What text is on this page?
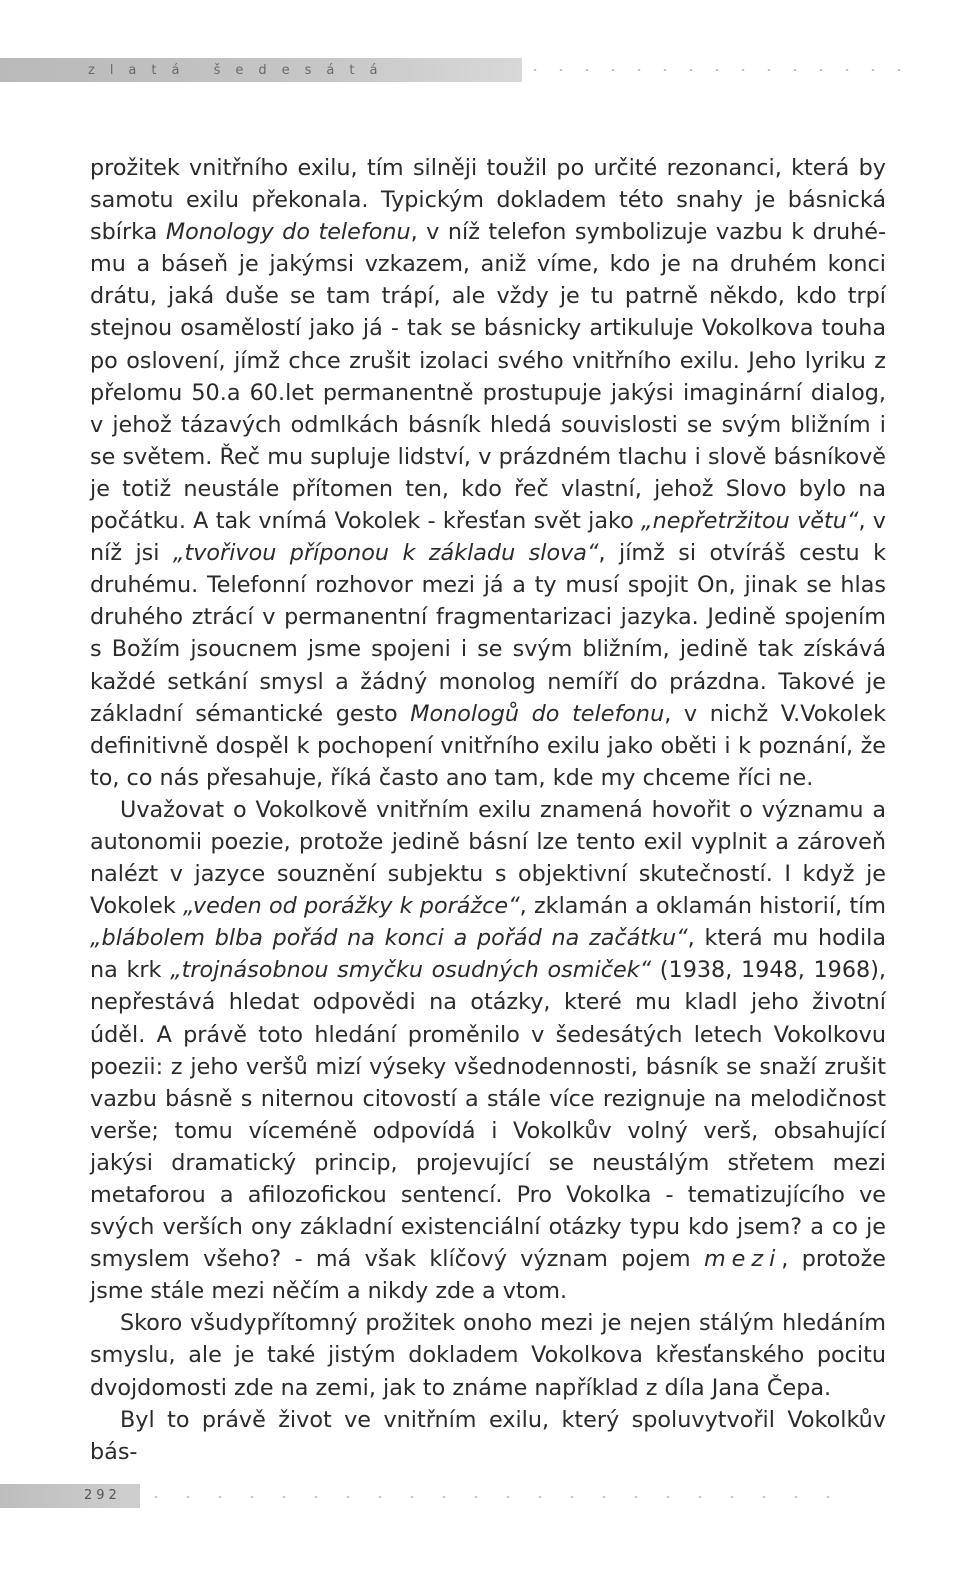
zlatá šedesátá

prožitek vnitřního exilu, tím silněji toužil po určité rezonanci, která by samotu exilu překonala. Typickým dokladem této snahy je básnická sbírka Monology do telefonu, v níž telefon symbolizuje vazbu k druhému a báseň je jakýmsi vzkazem, aniž víme, kdo je na druhém konci drátu, jaká duše se tam trápí, ale vždy je tu patrně někdo, kdo trpí stejnou osamělostí jako já - tak se básnicky artikuluje Vokolkova touha po oslovení, jímž chce zrušit izolaci svého vnitřního exilu. Jeho lyriku z přelomu 50.a 60.let permanentně prostupuje jakýsi imaginární dialog, v jehož tázavých odmlkách básník hledá souvislosti se svým bližním i se světem. Řeč mu supluje lidství, v prázdném tlachu i slově básníkově je totiž neustále přítomen ten, kdo řeč vlastní, jehož Slovo bylo na počátku. A tak vnímá Vokolek - křesťan svět jako „nepřetržitou větu“, v níž jsi „tvořivou příponou k základu slova“, jímž si otvíráš cestu k druhému. Telefonní rozhovor mezi já a ty musí spojit On, jinak se hlas druhého ztrácí v permanentní fragmentarizaci jazyka. Jedině spojením s Božím jsoucnem jsme spojeni i se svým bližním, jedině tak získává každé setkání smysl a žádný monolog nemíří do prázdna. Takové je základní sémantické gesto Monologů do telefonu, v nichž V.Vokolek definitivně dospěl k pochopení vnitřního exilu jako oběti i k poznání, že to, co nás přesahuje, říká často ano tam, kde my chceme říci ne.

Uvažovat o Vokolkově vnitřním exilu znamená hovořit o významu a autonomii poezie, protože jedině básní lze tento exil vyplnit a zároveň nalézt v jazyce souznění subjektu s objektivní skutečností. I když je Vokolek „veden od porážky k porážce“, zklamán a oklamán historií, tím „blábolem blba pořád na konci a pořád na začátku“, která mu hodila na krk „trojnásobnou smyčku osudných osmiček“ (1938, 1948, 1968), nepřestává hledat odpovědi na otázky, které mu kladl jeho životní úděl. A právě toto hledání proměnilo v šedesátých letech Vokolkovu poezii: z jeho veršů mizí výseky všednodennosti, básník se snaží zrušit vazbu básně s niternou citovostí a stále více rezignuje na melodičnost verše; tomu víceméně odpovídá i Vokolkův volný verš, obsahující jakýsi dramatický princip, projevující se neustálým střetem mezi metaforou a afilozofickou sentencí. Pro Vokolka - tematizujícího ve svých verších ony základní existenciální otázky typu kdo jsem? a co je smyslem všeho? - má však klíčový význam pojem mezi, protože jsme stále mezi něčím a nikdy zde a vtom.

Skoro všudypřítomný prožitek onoho mezi je nejen stálým hledáním smyslu, ale je také jistým dokladem Vokolkova křesťanského pocitu dvojdomosti zde na zemi, jak to známe například z díla Jana Čepa.

Byl to právě život ve vnitřním exilu, který spoluvytvořil Vokolkův bás-

292
